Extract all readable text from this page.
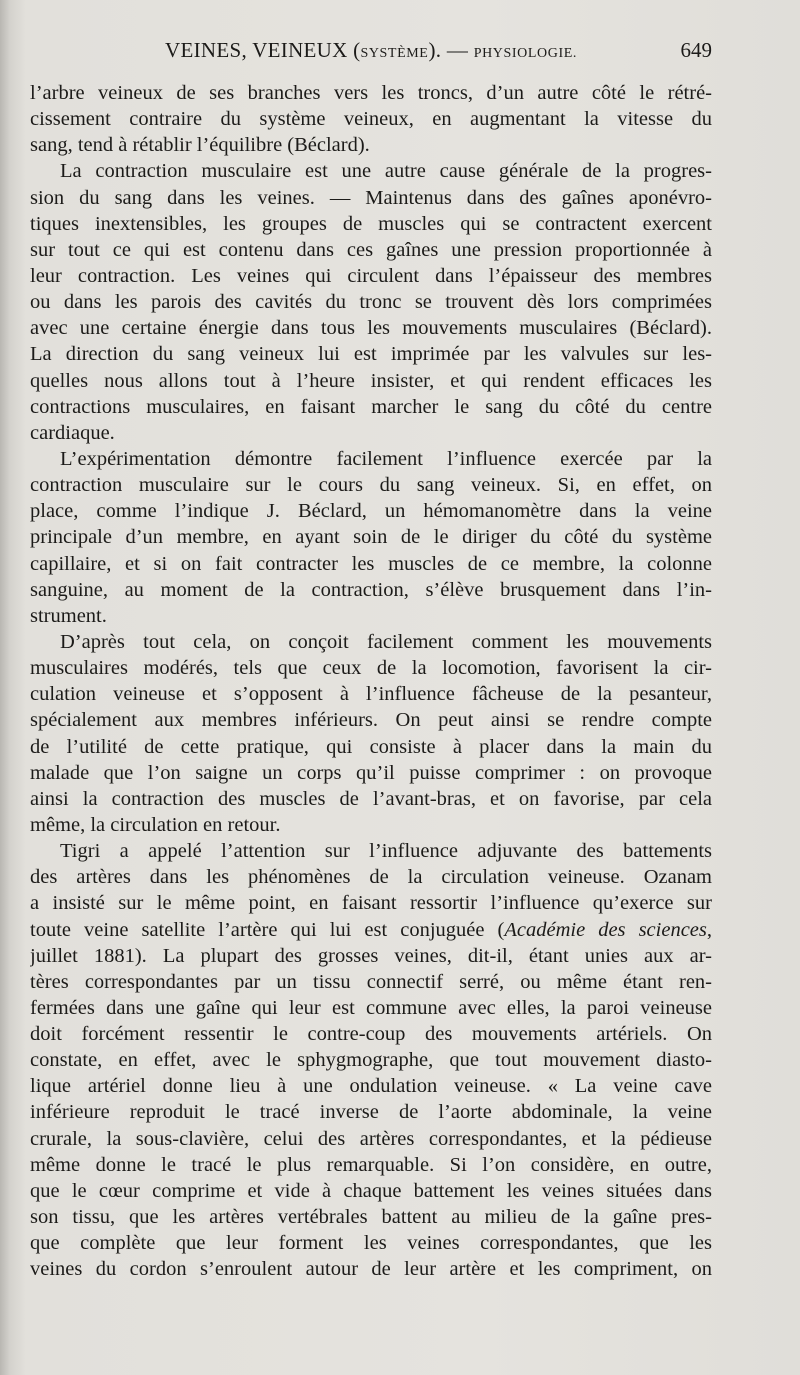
VEINES, VEINEUX (SYSTÈME). — PHYSIOLOGIE.	649
l’arbre veineux de ses branches vers les troncs, d’un autre côté le rétré-
cissement contraire du système veineux, en augmentant la vitesse du
sang, tend à rétablir l’équilibre (Béclard).
La contraction musculaire est une autre cause générale de la progres-
sion du sang dans les veines. — Maintenus dans des gaînes aponévro-
tiques inextensibles, les groupes de muscles qui se contractent exercent
sur tout ce qui est contenu dans ces gaînes une pression proportionnée à
leur contraction. Les veines qui circulent dans l’épaisseur des membres
ou dans les parois des cavités du tronc se trouvent dès lors comprimées
avec une certaine énergie dans tous les mouvements musculaires (Béclard).
La direction du sang veineux lui est imprimée par les valvules sur les-
quelles nous allons tout à l’heure insister, et qui rendent efficaces les
contractions musculaires, en faisant marcher le sang du côté du centre
cardiaque.
L’expérimentation démontre facilement l’influence exercée par la
contraction musculaire sur le cours du sang veineux. Si, en effet, on
place, comme l’indique J. Béclard, un hémomanomètre dans la veine
principale d’un membre, en ayant soin de le diriger du côté du système
capillaire, et si on fait contracter les muscles de ce membre, la colonne
sanguine, au moment de la contraction, s’élève brusquement dans l’in-
strument.
D’après tout cela, on conçoit facilement comment les mouvements
musculaires modérés, tels que ceux de la locomotion, favorisent la cir-
culation veineuse et s’opposent à l’influence fâcheuse de la pesanteur,
spécialement aux membres inférieurs. On peut ainsi se rendre compte
de l’utilité de cette pratique, qui consiste à placer dans la main du
malade que l’on saigne un corps qu’il puisse comprimer : on provoque
ainsi la contraction des muscles de l’avant-bras, et on favorise, par cela
même, la circulation en retour.
Tigri a appelé l’attention sur l’influence adjuvante des battements
des artères dans les phénomènes de la circulation veineuse. Ozanam
a insisté sur le même point, en faisant ressortir l’influence qu’exerce sur
toute veine satellite l’artère qui lui est conjuguée (Académie des sciences,
juillet 1881). La plupart des grosses veines, dit-il, étant unies aux ar-
tères correspondantes par un tissu connectif serré, ou même étant ren-
fermées dans une gaîne qui leur est commune avec elles, la paroi veineuse
doit forcément ressentir le contre-coup des mouvements artériels. On
constate, en effet, avec le sphygmographe, que tout mouvement diasto-
lique artériel donne lieu à une ondulation veineuse. « La veine cave
inférieure reproduit le tracé inverse de l’aorte abdominale, la veine
crurale, la sous-clavière, celui des artères correspondantes, et la pédieuse
même donne le tracé le plus remarquable. Si l’on considère, en outre,
que le cœur comprime et vide à chaque battement les veines situées dans
son tissu, que les artères vertébrales battent au milieu de la gaîne pres-
que complète que leur forment les veines correspondantes, que les
veines du cordon s’enroulent autour de leur artère et les compriment, on
